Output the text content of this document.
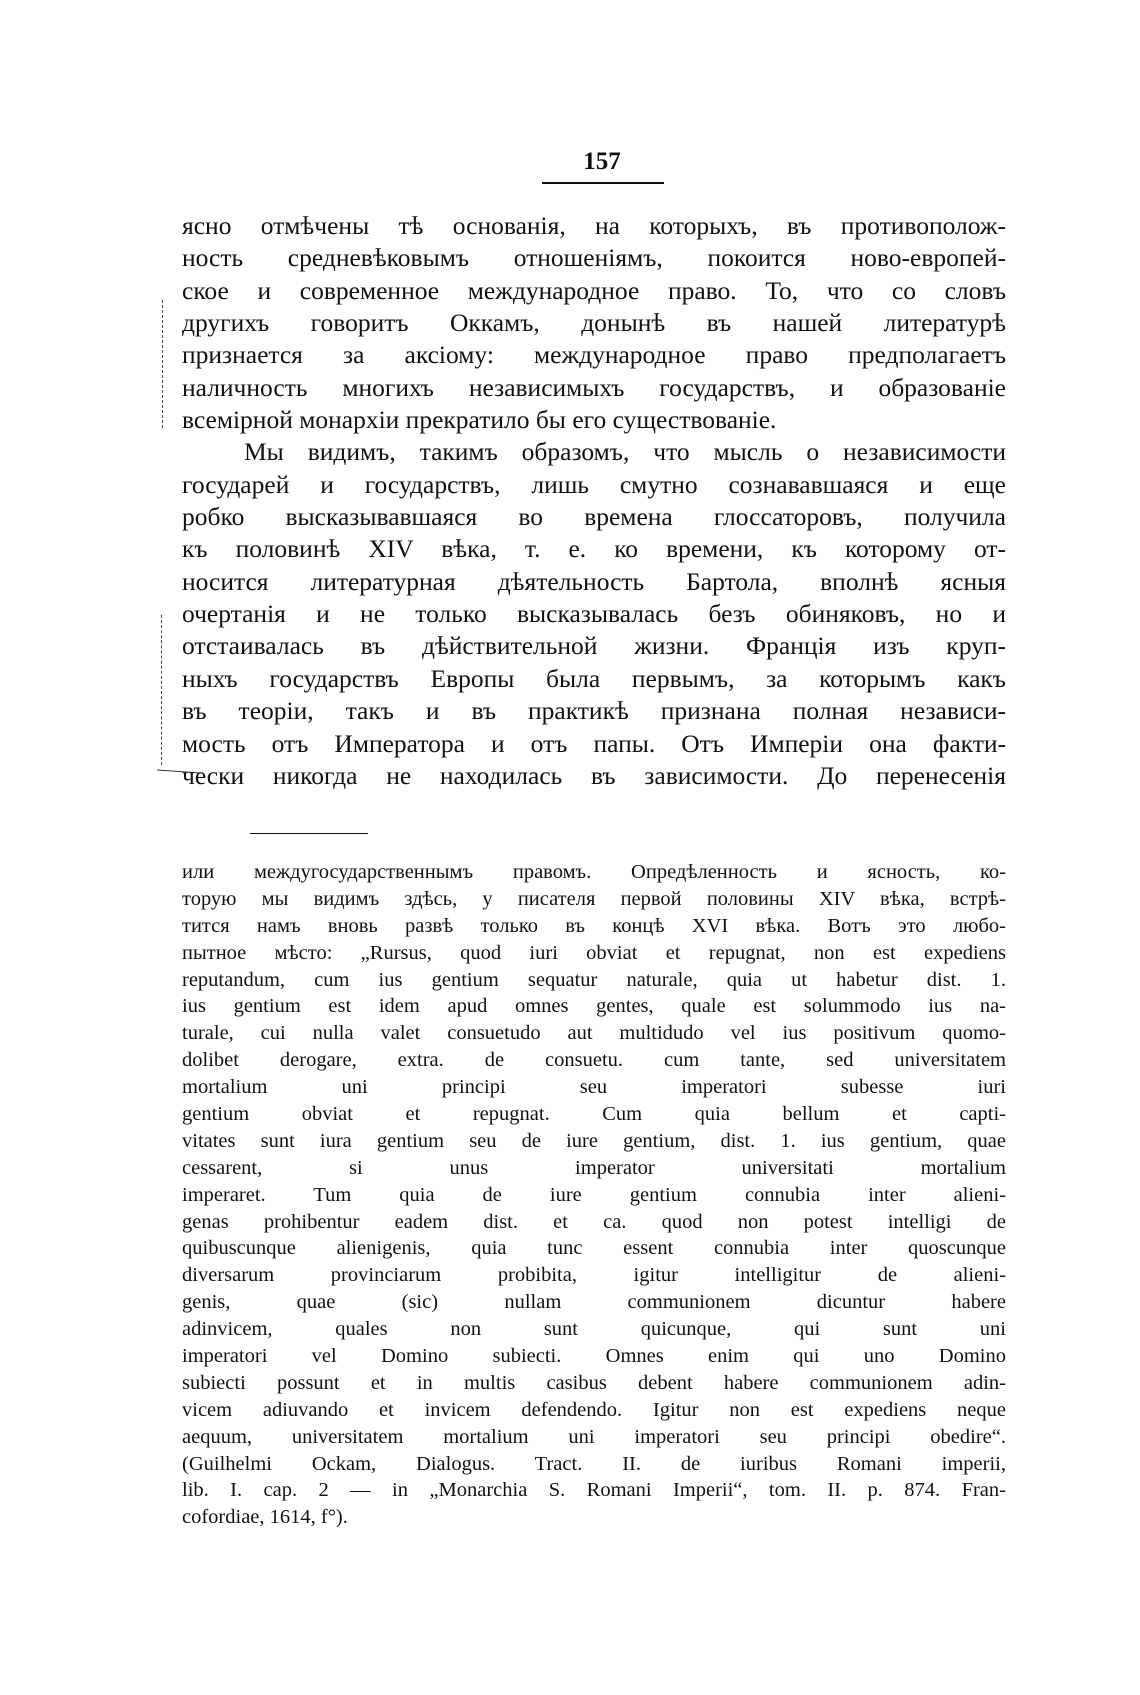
157
ясно отмѣчены тѣ основанія, на которыхъ, въ противополож-
ность средневѣковымъ отношеніямъ, покоится ново-европей-
ское и современное международное право. То, что со словъ
другихъ говоритъ Оккамъ, донынѣ въ нашей литературѣ
признается за аксіому: международное право предполагаетъ
наличность многихъ независимыхъ государствъ, и образованіе
всемірной монархіи прекратило бы его существованіе.
Мы видимъ, такимъ образомъ, что мысль о независимости
государей и государствъ, лишь смутно сознававшаяся и еще
робко высказывавшаяся во времена глоссаторовъ, получила
къ половинѣ XIV вѣка, т. е. ко времени, къ которому от-
носится литературная дѣятельность Бартола, вполнѣ ясныя
очертанія и не только высказывалась безъ обиняковъ, но и
отстаивалась въ дѣйствительной жизни. Франція изъ круп-
ныхъ государствъ Европы была первымъ, за которымъ какъ
въ теоріи, такъ и въ практикѣ признана полная независи-
мость отъ Императора и отъ папы. Отъ Имперіи она факти-
чески никогда не находилась въ зависимости. До перенесенія
или междугосударственнымъ правомъ. Опредѣленность и ясность, ко-
торую мы видимъ здѣсь, у писателя первой половины XIV вѣка, встрѣ-
тится намъ вновь развѣ только въ концѣ XVI вѣка. Вотъ это любо-
пытное мѣсто: „Rursus, quod iuri obviat et repugnat, non est expediens
reputandum, cum ius gentium sequatur naturale, quia ut habetur dist. 1.
ius gentium est idem apud omnes gentes, quale est solummodo ius na-
turale, cui nulla valet consuetudo aut multidudo vel ius positivum quomo-
dolibet derogare, extra. de consuetu. cum tante, sed universitatem
mortalium uni principi seu imperatori subesse iuri
gentium obviat et repugnat. Cum quia bellum et capti-
vitates sunt iura gentium seu de iure gentium, dist. 1. ius gentium, quae
cessarent, si unus imperator universitati mortalium
imperaret. Tum quia de iure gentium connubia inter alieni-
genas prohibentur eadem dist. et ca. quod non potest intelligi de
quibuscunque alienigenis, quia tunc essent connubia inter quoscunque
diversarum provinciarum probibita, igitur intelligitur de alieni-
genis, quae (sic) nullam communionem dicuntur habere
adinvicem, quales non sunt quicunque, qui sunt uni
imperatori vel Domino subiecti. Omnes enim qui uno Domino
subiecti possunt et in multis casibus debent habere communionem adin-
vicem adiuvando et invicem defendendo. Igitur non est expediens neque
aequum, universitatem mortalium uni imperatori seu principi obedire“.
(Guilhelmi Ockam, Dialogus. Tract. II. de iuribus Romani imperii,
lib. I. cap. 2 — in „Monarchia S. Romani Imperii“, tom. II. p. 874. Fran-
cofordiae, 1614, f°).
